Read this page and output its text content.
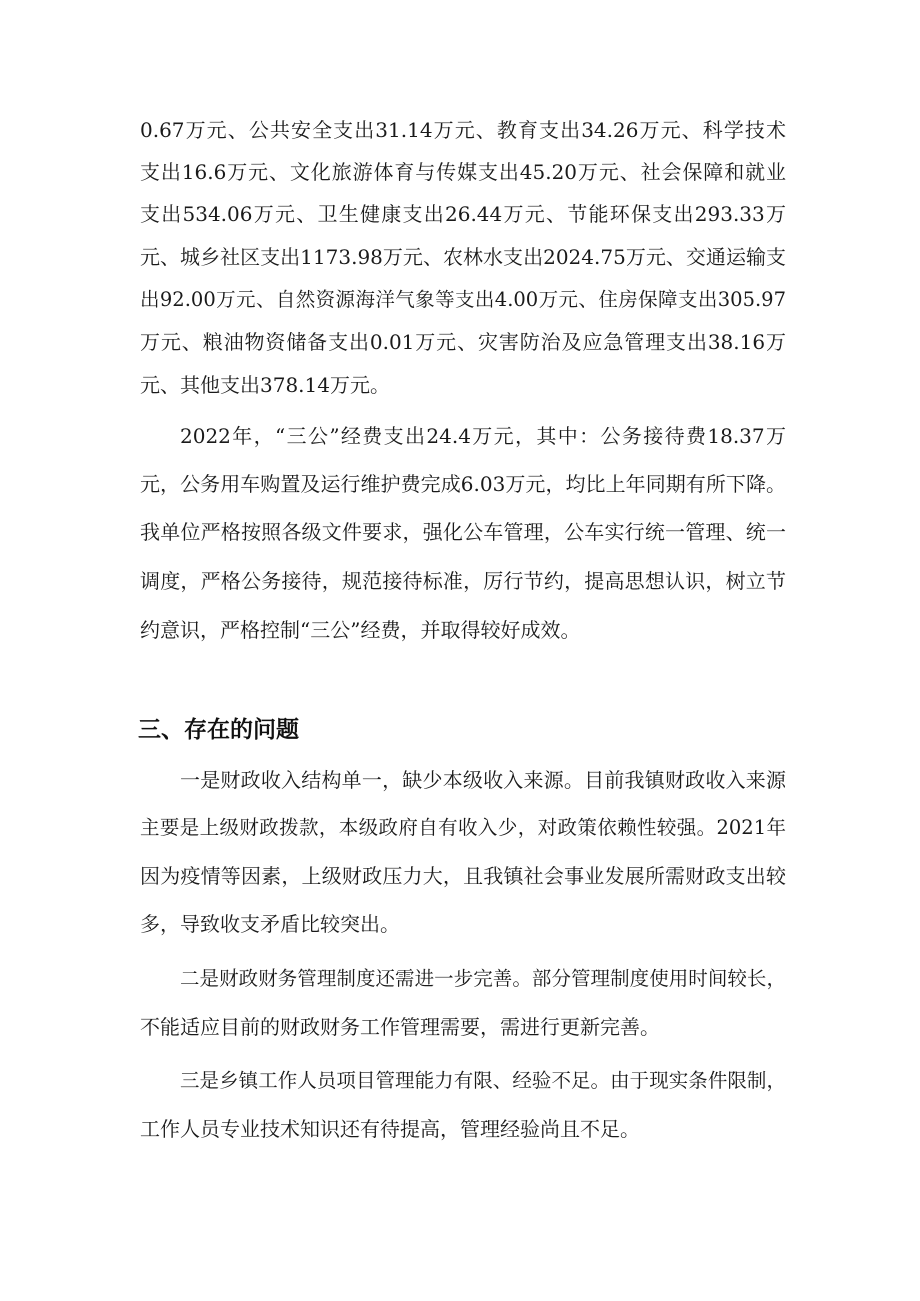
0.67万元、公共安全支出31.14万元、教育支出34.26万元、科学技术
支出16.6万元、文化旅游体育与传媒支出45.20万元、社会保障和就业
支出534.06万元、卫生健康支出26.44万元、节能环保支出293.33万
元、城乡社区支出1173.98万元、农林水支出2024.75万元、交通运输支
出92.00万元、自然资源海洋气象等支出4.00万元、住房保障支出305.97
万元、粮油物资储备支出0.01万元、灾害防治及应急管理支出38.16万
元、其他支出378.14万元。
2022年，“三公”经费支出24.4万元，其中：公务接待费18.37万
元，公务用车购置及运行维护费完成6.03万元，均比上年同期有所下降。
我单位严格按照各级文件要求，强化公车管理，公车实行统一管理、统一
调度，严格公务接待，规范接待标准，厉行节约，提高思想认识，树立节
约意识，严格控制“三公”经费，并取得较好成效。
三、存在的问题
一是财政收入结构单一，缺少本级收入来源。目前我镇财政收入来源
主要是上级财政拨款，本级政府自有收入少，对政策依赖性较强。2021年
因为疫情等因素，上级财政压力大，且我镇社会事业发展所需财政支出较
多，导致收支矛盾比较突出。
二是财政财务管理制度还需进一步完善。部分管理制度使用时间较长，
不能适应目前的财政财务工作管理需要，需进行更新完善。
三是乡镇工作人员项目管理能力有限、经验不足。由于现实条件限制，
工作人员专业技术知识还有待提高，管理经验尚且不足。
